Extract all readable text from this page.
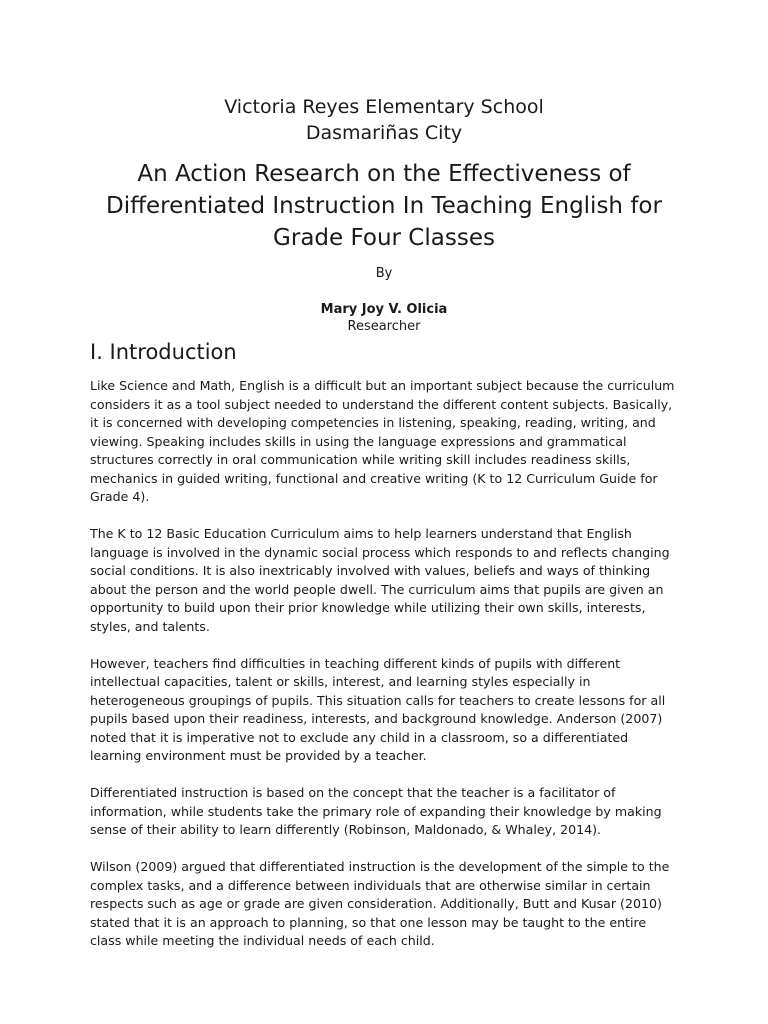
Victoria Reyes Elementary School
Dasmariñas City
An Action Research on the Effectiveness of Differentiated Instruction In Teaching English for Grade Four Classes
By
Mary Joy V. Olicia
Researcher
I. Introduction

Like Science and Math, English is a difficult but an important subject because the curriculum considers it as a tool subject needed to understand the different content subjects. Basically, it is concerned with developing competencies in listening, speaking, reading, writing, and viewing. Speaking includes skills in using the language expressions and grammatical structures correctly in oral communication while writing skill includes readiness skills, mechanics in guided writing, functional and creative writing (K to 12 Curriculum Guide for Grade 4).

The K to 12 Basic Education Curriculum aims to help learners understand that English language is involved in the dynamic social process which responds to and reflects changing social conditions. It is also inextricably involved with values, beliefs and ways of thinking about the person and the world people dwell. The curriculum aims that pupils are given an opportunity to build upon their prior knowledge while utilizing their own skills, interests, styles, and talents.

However, teachers find difficulties in teaching different kinds of pupils with different intellectual capacities, talent or skills, interest, and learning styles especially in heterogeneous groupings of pupils. This situation calls for teachers to create lessons for all pupils based upon their readiness, interests, and background knowledge. Anderson (2007) noted that it is imperative not to exclude any child in a classroom, so a differentiated learning environment must be provided by a teacher.

Differentiated instruction is based on the concept that the teacher is a facilitator of information, while students take the primary role of expanding their knowledge by making sense of their ability to learn differently (Robinson, Maldonado, & Whaley, 2014).

Wilson (2009) argued that differentiated instruction is the development of the simple to the complex tasks, and a difference between individuals that are otherwise similar in certain respects such as age or grade are given consideration. Additionally, Butt and Kusar (2010) stated that it is an approach to planning, so that one lesson may be taught to the entire class while meeting the individual needs of each child.
